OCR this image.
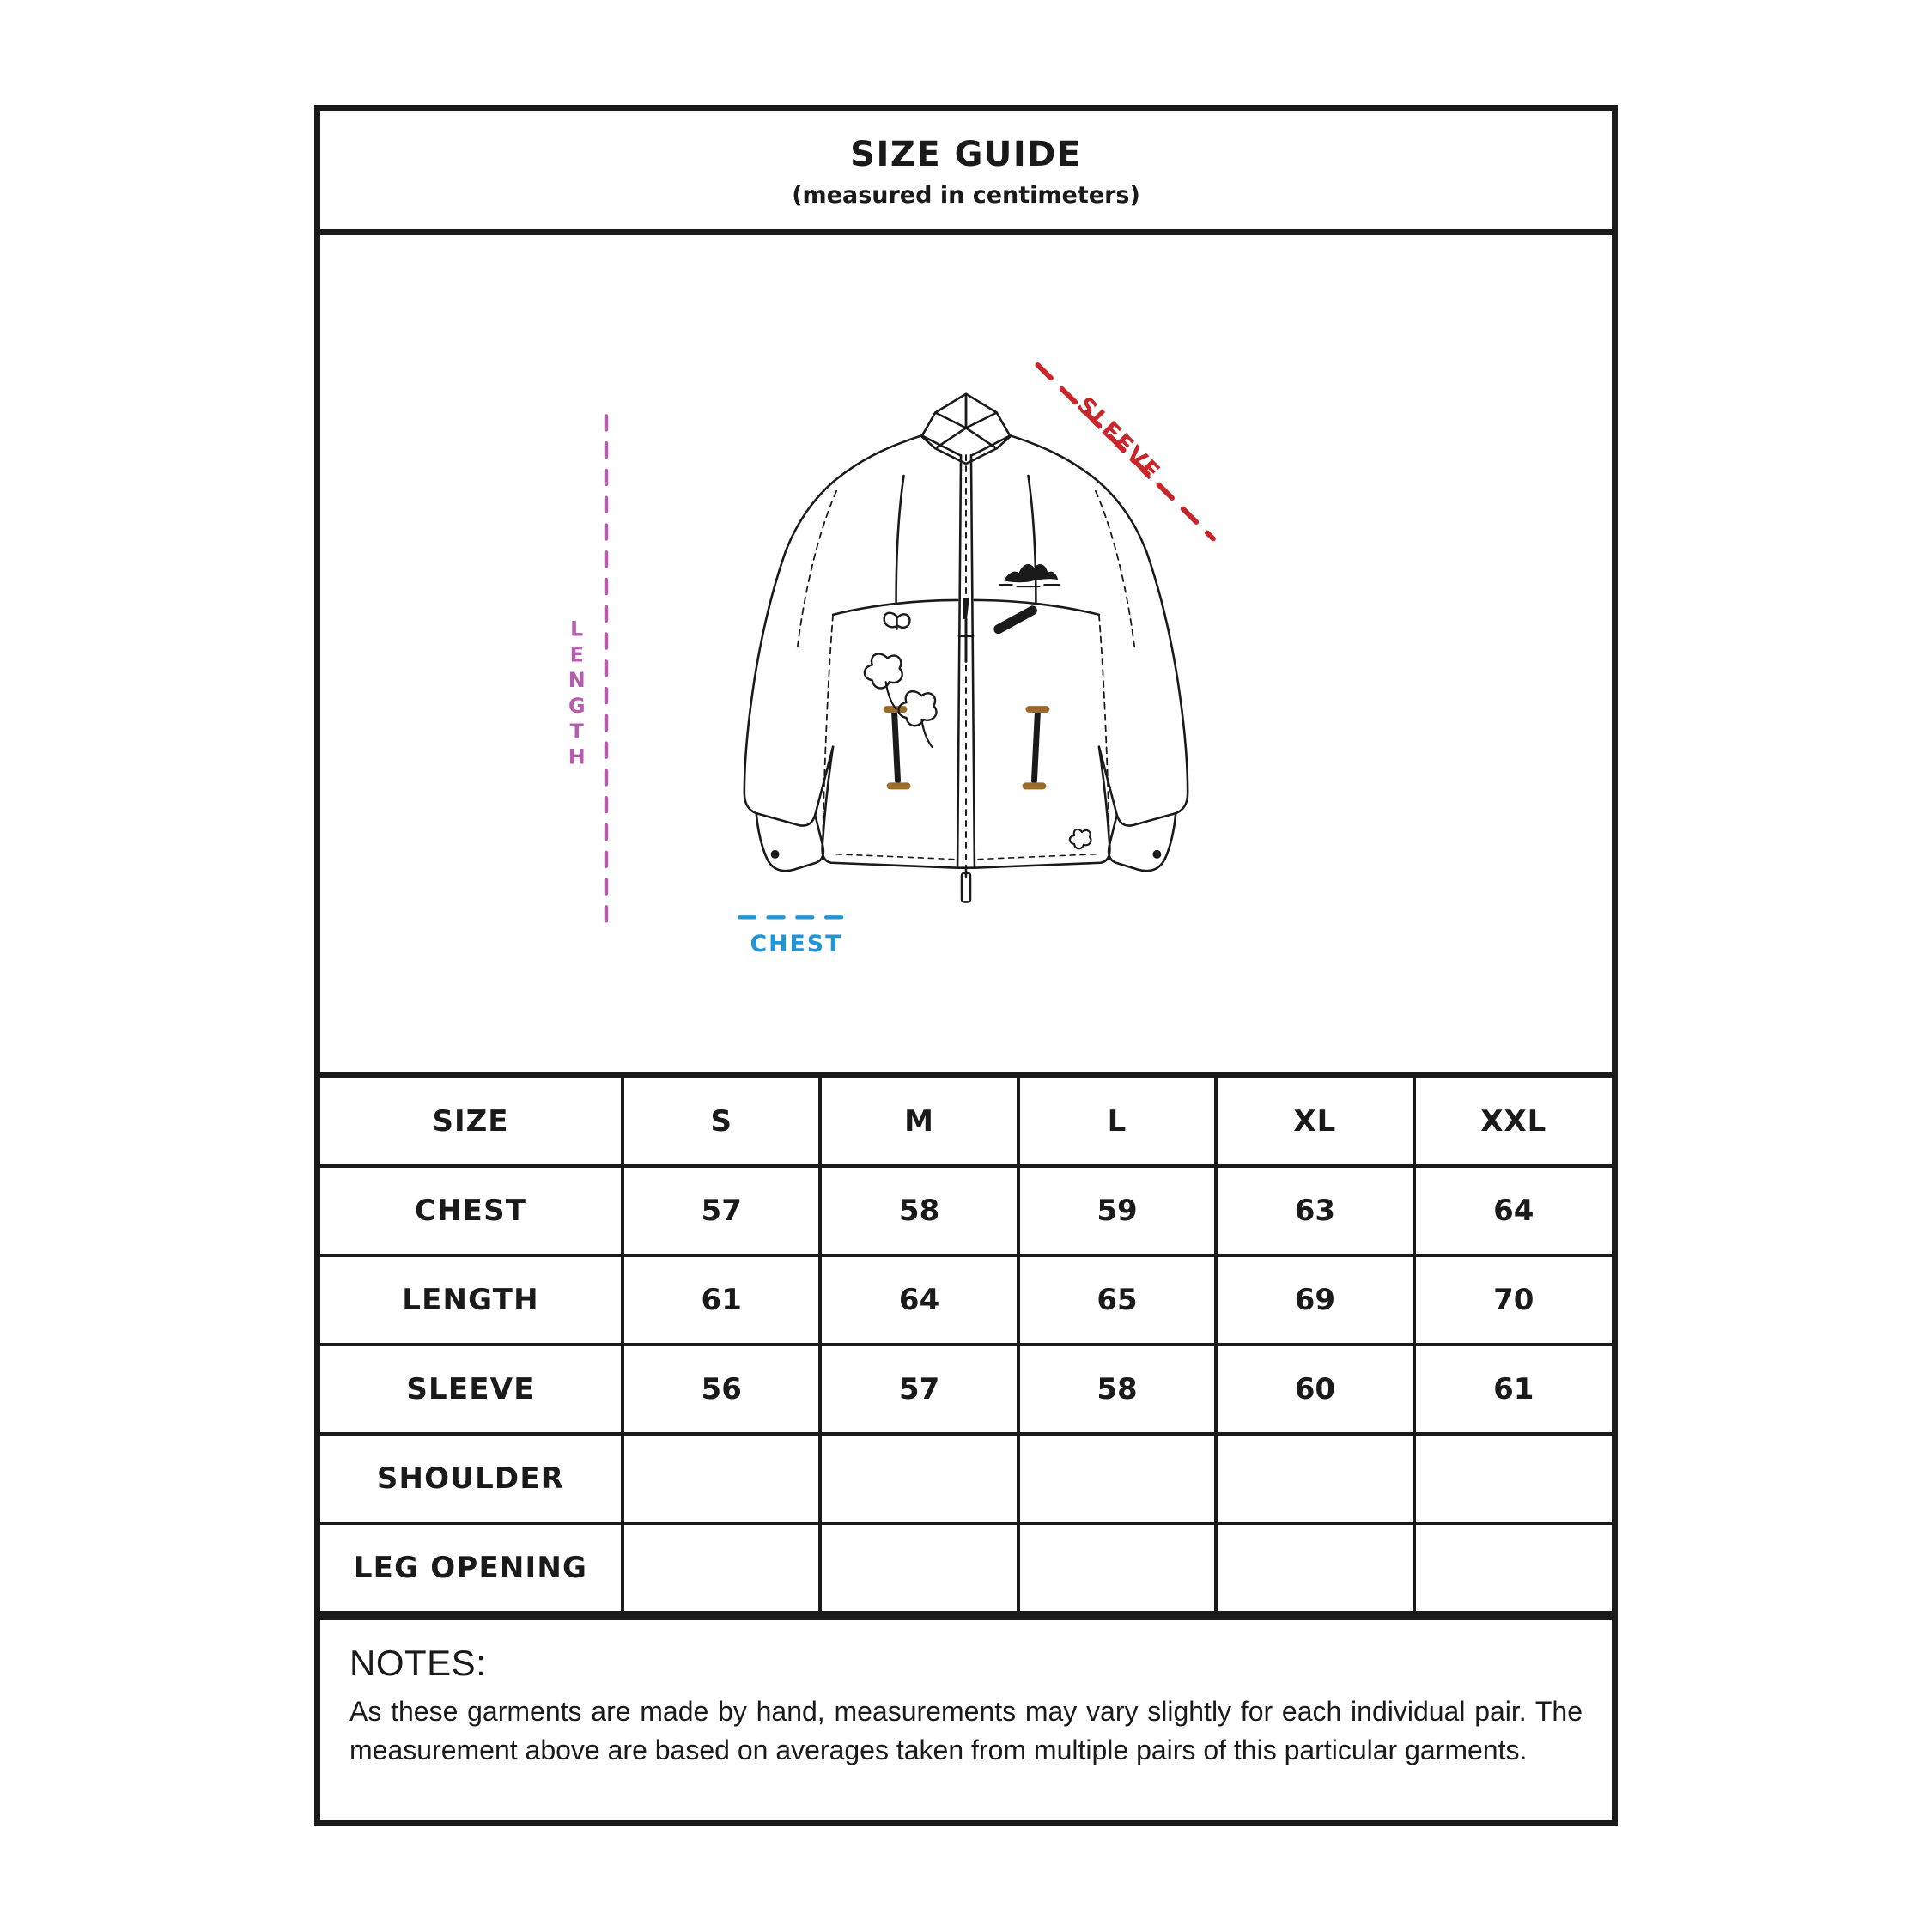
SIZE GUIDE
(measured in centimeters)
SLEEVE
CHEST
L
E
N
G
T
H
SIZE	S	M	L	XL	XXL
CHEST	57	58	59	63	64
LENGTH	61	64	65	69	70
SLEEVE	56	57	58	60	61
SHOULDER					
LEG OPENING					
NOTES:
As these garments are made by hand, measurements may vary slightly for each individual pair. The measurement above are based on averages taken from multiple pairs of this particular garments.
